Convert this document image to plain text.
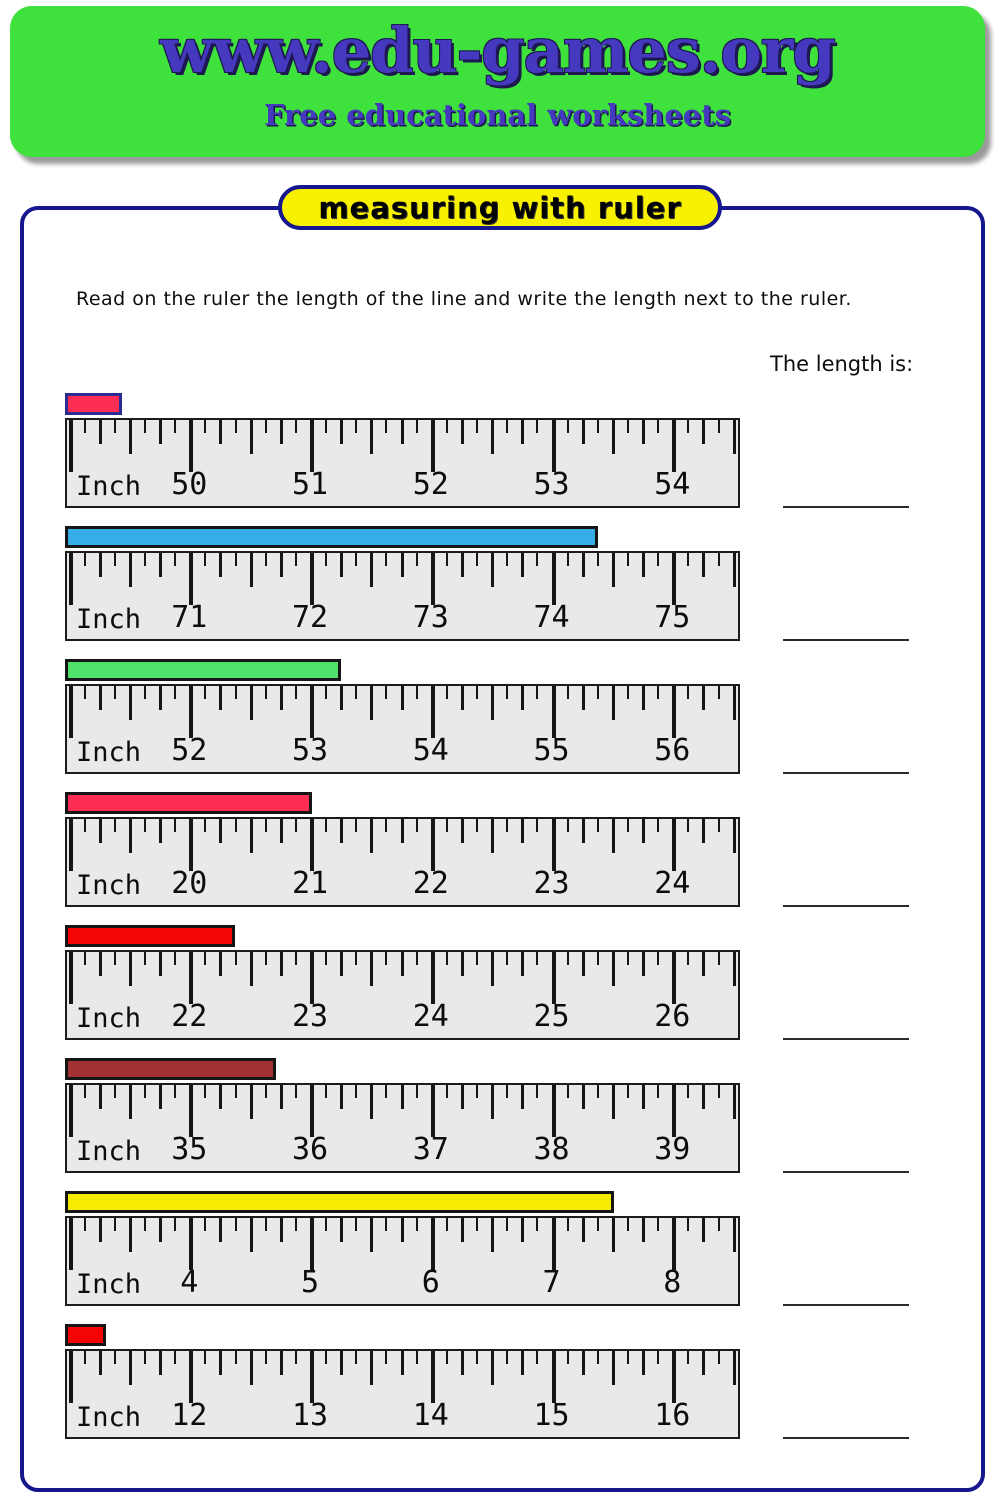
www.edu-games.org
Free educational worksheets
measuring with ruler
Read on the ruler the length of the line and write the length next to the ruler.
The length is:
Inch 50	51	52	53	54
Inch 71	72	73	74	75
Inch 52	53	54	55	56
Inch 20	21	22	23	24
Inch 22	23	24	25	26
Inch 35	36	37	38	39
Inch 4	5	6	7	8
Inch 12	13	14	15	16
